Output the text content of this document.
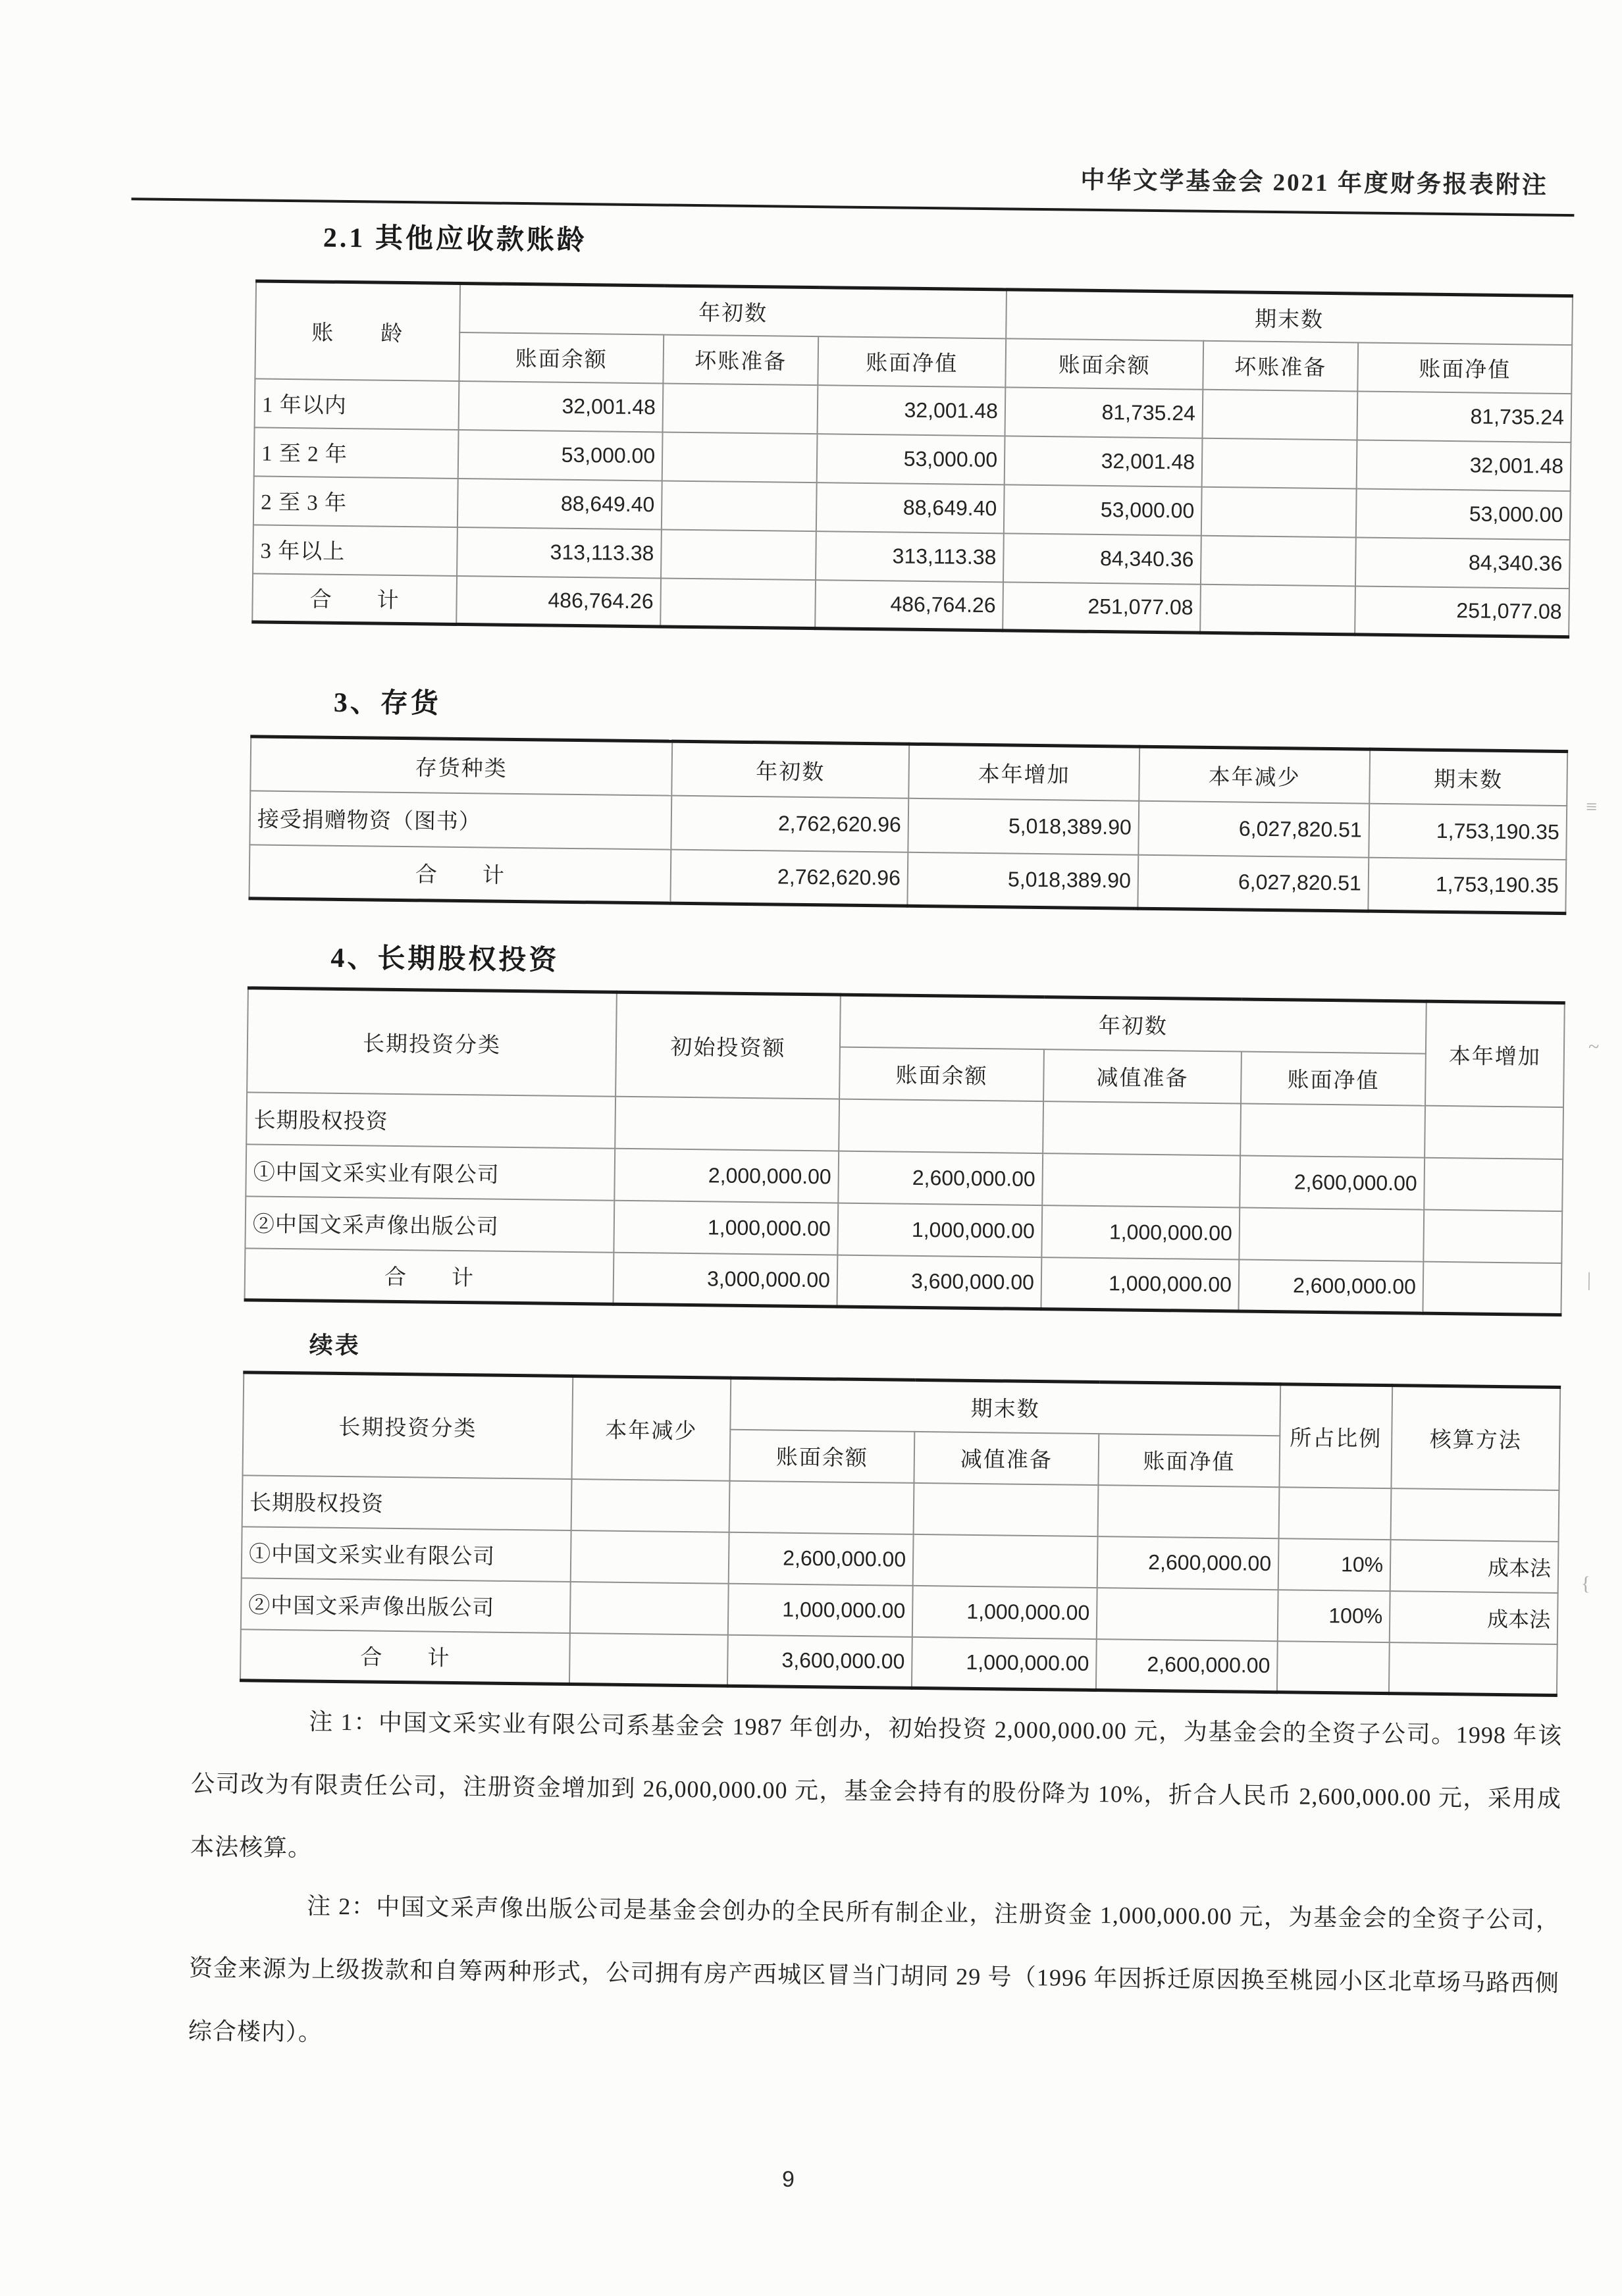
中华文学基金会 2021 年度财务报表附注
2.1 其他应收款账龄
账　　龄	年初数			期末数		
	账面余额	坏账准备	账面净值	账面余额	坏账准备	账面净值
1 年以内	32,001.48		32,001.48	81,735.24		81,735.24
1 至 2 年	53,000.00		53,000.00	32,001.48		32,001.48
2 至 3 年	88,649.40		88,649.40	53,000.00		53,000.00
3 年以上	313,113.38		313,113.38	84,340.36		84,340.36
合　　计	486,764.26		486,764.26	251,077.08		251,077.08
3、存货
存货种类	年初数	本年增加	本年减少	期末数
接受捐赠物资（图书）	2,762,620.96	5,018,389.90	6,027,820.51	1,753,190.35
合　　计	2,762,620.96	5,018,389.90	6,027,820.51	1,753,190.35
4、长期股权投资
长期投资分类	初始投资额	年初数			本年增加
		账面余额	减值准备	账面净值	
长期股权投资					
①中国文采实业有限公司	2,000,000.00	2,600,000.00		2,600,000.00	
②中国文采声像出版公司	1,000,000.00	1,000,000.00	1,000,000.00		
合　　计	3,000,000.00	3,600,000.00	1,000,000.00	2,600,000.00	
续表
长期投资分类	本年减少	期末数			所占比例	核算方法
		账面余额	减值准备	账面净值		
长期股权投资						
①中国文采实业有限公司		2,600,000.00		2,600,000.00	10%	成本法
②中国文采声像出版公司		1,000,000.00	1,000,000.00		100%	成本法
合　　计		3,600,000.00	1,000,000.00	2,600,000.00		

注 1：中国文采实业有限公司系基金会 1987 年创办，初始投资 2,000,000.00 元，为基金会的全资子公司。1998 年该公司改为有限责任公司，注册资金增加到 26,000,000.00 元，基金会持有的股份降为 10%，折合人民币 2,600,000.00 元，采用成本法核算。

注 2：中国文采声像出版公司是基金会创办的全民所有制企业，注册资金 1,000,000.00 元，为基金会的全资子公司，资金来源为上级拨款和自筹两种形式，公司拥有房产西城区冒当门胡同 29 号（1996 年因拆迁原因换至桃园小区北草场马路西侧综合楼内）。

9
≡
~
|
{
